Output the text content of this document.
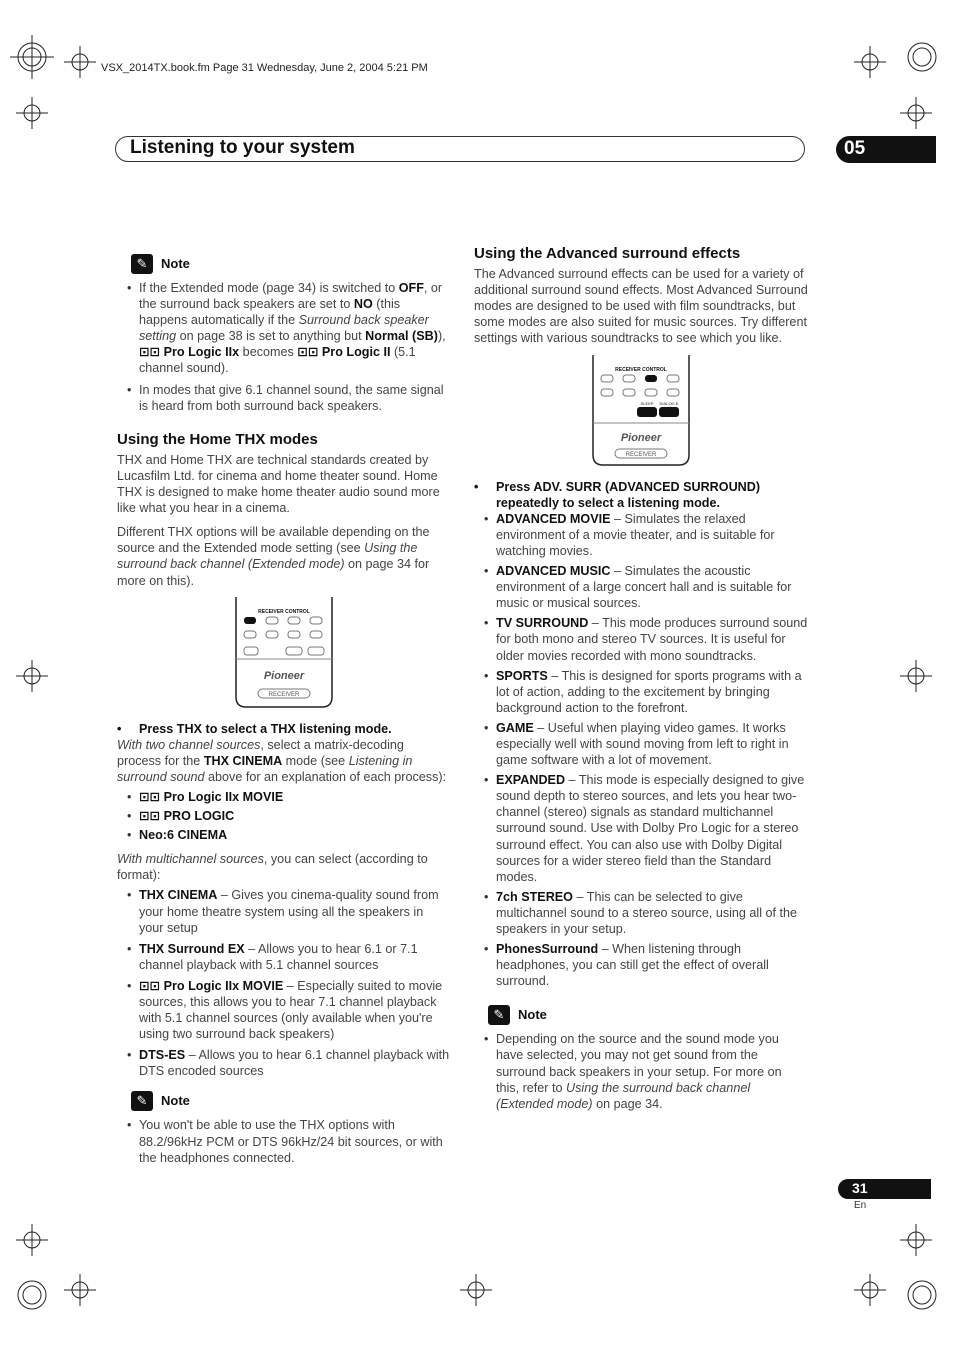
VSX_2014TX.book.fm Page 31 Wednesday, June 2, 2004 5:21 PM
Listening to your system	05
✎	Note
• If the Extended mode (page 34) is switched to OFF, or the surround back speakers are set to NO (this happens automatically if the Surround back speaker setting on page 38 is set to anything but Normal (SB)), ⊡⊡ Pro Logic IIx becomes ⊡⊡ Pro Logic II (5.1 channel sound).
• In modes that give 6.1 channel sound, the same signal is heard from both surround back speakers.
Using the Home THX modes

THX and Home THX are technical standards created by Lucasfilm Ltd. for cinema and home theater sound. Home THX is designed to make home theater audio sound more like what you hear in a cinema.

Different THX options will be available depending on the source and the Extended mode setting (see Using the surround back channel (Extended mode) on page 34 for more on this).

RECEIVER CONTROL
Pioneer
RECEIVER
• Press THX to select a THX listening mode.

With two channel sources, select a matrix-decoding process for the THX CINEMA mode (see Listening in surround sound above for an explanation of each process):

• ⊡⊡ Pro Logic IIx MOVIE
• ⊡⊡ PRO LOGIC
• Neo:6 CINEMA

With multichannel sources, you can select (according to format):

• THX CINEMA – Gives you cinema-quality sound from your home theatre system using all the speakers in your setup
• THX Surround EX – Allows you to hear 6.1 or 7.1 channel playback with 5.1 channel sources
• ⊡⊡ Pro Logic IIx MOVIE – Especially suited to movie sources, this allows you to hear 7.1 channel playback with 5.1 channel sources (only available when you're using two surround back speakers)
• DTS-ES – Allows you to hear 6.1 channel playback with DTS encoded sources
✎	Note
• You won't be able to use the THX options with 88.2/96kHz PCM or DTS 96kHz/24 bit sources, or with the headphones connected.
Using the Advanced surround effects

The Advanced surround effects can be used for a variety of additional surround sound effects. Most Advanced Surround modes are designed to be used with film soundtracks, but some modes are also suited for music sources. Try different settings with various soundtracks to see which you like.

RECEIVER CONTROL
SLEEP DIALOG E
Pioneer
RECEIVER
• Press ADV. SURR (ADVANCED SURROUND) repeatedly to select a listening mode.
• ADVANCED MOVIE – Simulates the relaxed environment of a movie theater, and is suitable for watching movies.
• ADVANCED MUSIC – Simulates the acoustic environment of a large concert hall and is suitable for music or musical sources.
• TV SURROUND – This mode produces surround sound for both mono and stereo TV sources. It is useful for older movies recorded with mono soundtracks.
• SPORTS – This is designed for sports programs with a lot of action, adding to the excitement by bringing background action to the forefront.
• GAME – Useful when playing video games. It works especially well with sound moving from left to right in game software with a lot of movement.
• EXPANDED – This mode is especially designed to give sound depth to stereo sources, and lets you hear two-channel (stereo) signals as standard multichannel surround sound. Use with Dolby Pro Logic for a stereo surround effect. You can also use with Dolby Digital sources for a wider stereo field than the Standard modes.
• 7ch STEREO – This can be selected to give multichannel sound to a stereo source, using all of the speakers in your setup.
• PhonesSurround – When listening through headphones, you can still get the effect of overall surround.
✎	Note
• Depending on the source and the sound mode you have selected, you may not get sound from the surround back speakers in your setup. For more on this, refer to Using the surround back channel (Extended mode) on page 34.
31
En
